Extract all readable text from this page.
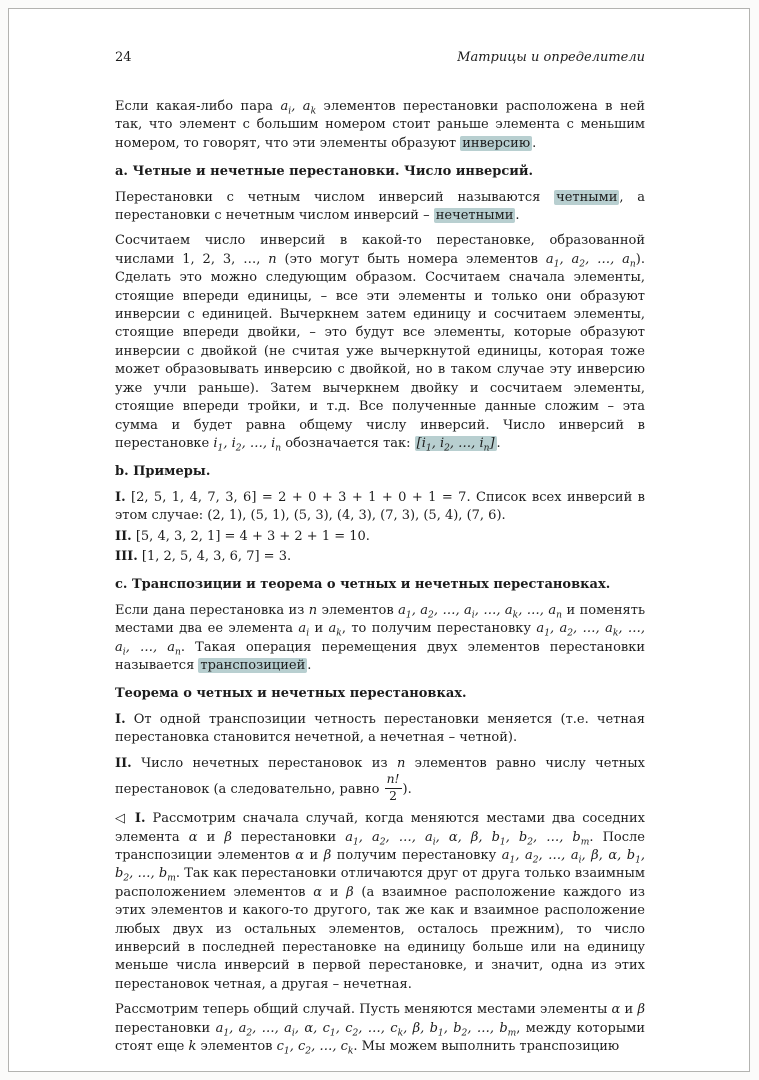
24	Матрицы и определители

Если какая-либо пара $a_i$, $a_k$ элементов перестановки расположена в ней так, что элемент с большим номером стоит раньше элемента с меньшим номером, то говорят, что эти элементы образуют инверсию .

a. Четные и нечетные перестановки. Число инверсий.

Перестановки с четным числом инверсий называются четными , а перестановки с нечетным числом инверсий – нечетными .

Сосчитаем число инверсий в какой-то перестановке, образованной числами 1, 2, 3, …, n (это могут быть номера элементов $a_1$, $a_2$, …, $a_n$). Сделать это можно следующим образом. Сосчитаем сначала элементы, стоящие впереди единицы, – все эти элементы и только они образуют инверсии с единицей. Вычеркнем затем единицу и сосчитаем элементы, стоящие впереди двойки, – это будут все элементы, которые образуют инверсии с двойкой (не считая уже вычеркнутой единицы, которая тоже может образовывать инверсию с двойкой, но в таком случае эту инверсию уже учли раньше). Затем вычеркнем двойку и сосчитаем элементы, стоящие впереди тройки, и т.д. Все полученные данные сложим – эта сумма и будет равна общему числу инверсий. Число инверсий в перестановке $i_1$, $i_2$, …, $i_n$ обозначается так: [$i_1$, $i_2$, …, $i_n$] .

b. Примеры.

I. [2, 5, 1, 4, 7, 3, 6] = 2 + 0 + 3 + 1 + 0 + 1 = 7. Список всех инверсий в этом случае: (2, 1), (5, 1), (5, 3), (4, 3), (7, 3), (5, 4), (7, 6).

II. [5, 4, 3, 2, 1] = 4 + 3 + 2 + 1 = 10.

III. [1, 2, 5, 4, 3, 6, 7] = 3.

c. Транспозиции и теорема о четных и нечетных перестановках.

Если дана перестановка из n элементов $a_1$, $a_2$, …, $a_i$, …, $a_k$, …, $a_n$ и поменять местами два ее элемента $a_i$ и $a_k$, то получим перестановку $a_1$, $a_2$, …, $a_k$, …, $a_i$, …, $a_n$. Такая операция перемещения двух элементов перестановки называется транспозицией .

Теорема о четных и нечетных перестановках.

I. От одной транспозиции четность перестановки меняется (т.е. четная перестановка становится нечетной, а нечетная – четной).

II. Число нечетных перестановок из n элементов равно числу четных перестановок (а следовательно, равно $\frac{n!}{2}$ ).

◁ I. Рассмотрим сначала случай, когда меняются местами два соседних элемента α и β перестановки $a_1$, $a_2$, …, $a_i$, α, β, $b_1$, $b_2$, …, $b_m$. После транспозиции элементов α и β получим перестановку $a_1$, $a_2$, …, $a_i$, β, α, $b_1$, $b_2$, …, $b_m$. Так как перестановки отличаются друг от друга только взаимным расположением элементов α и β (а взаимное расположение каждого из этих элементов и какого-то другого, так же как и взаимное расположение любых двух из остальных элементов, осталось прежним), то число инверсий в последней перестановке на единицу больше или на единицу меньше числа инверсий в первой перестановке, и значит, одна из этих перестановок четная, а другая – нечетная.

Рассмотрим теперь общий случай. Пусть меняются местами элементы α и β перестановки $a_1$, $a_2$, …, $a_i$, α, $c_1$, $c_2$, …, $c_k$, β, $b_1$, $b_2$, …, $b_m$, между которыми стоят еще k элементов $c_1$, $c_2$, …, $c_k$. Мы можем выполнить транспозицию
